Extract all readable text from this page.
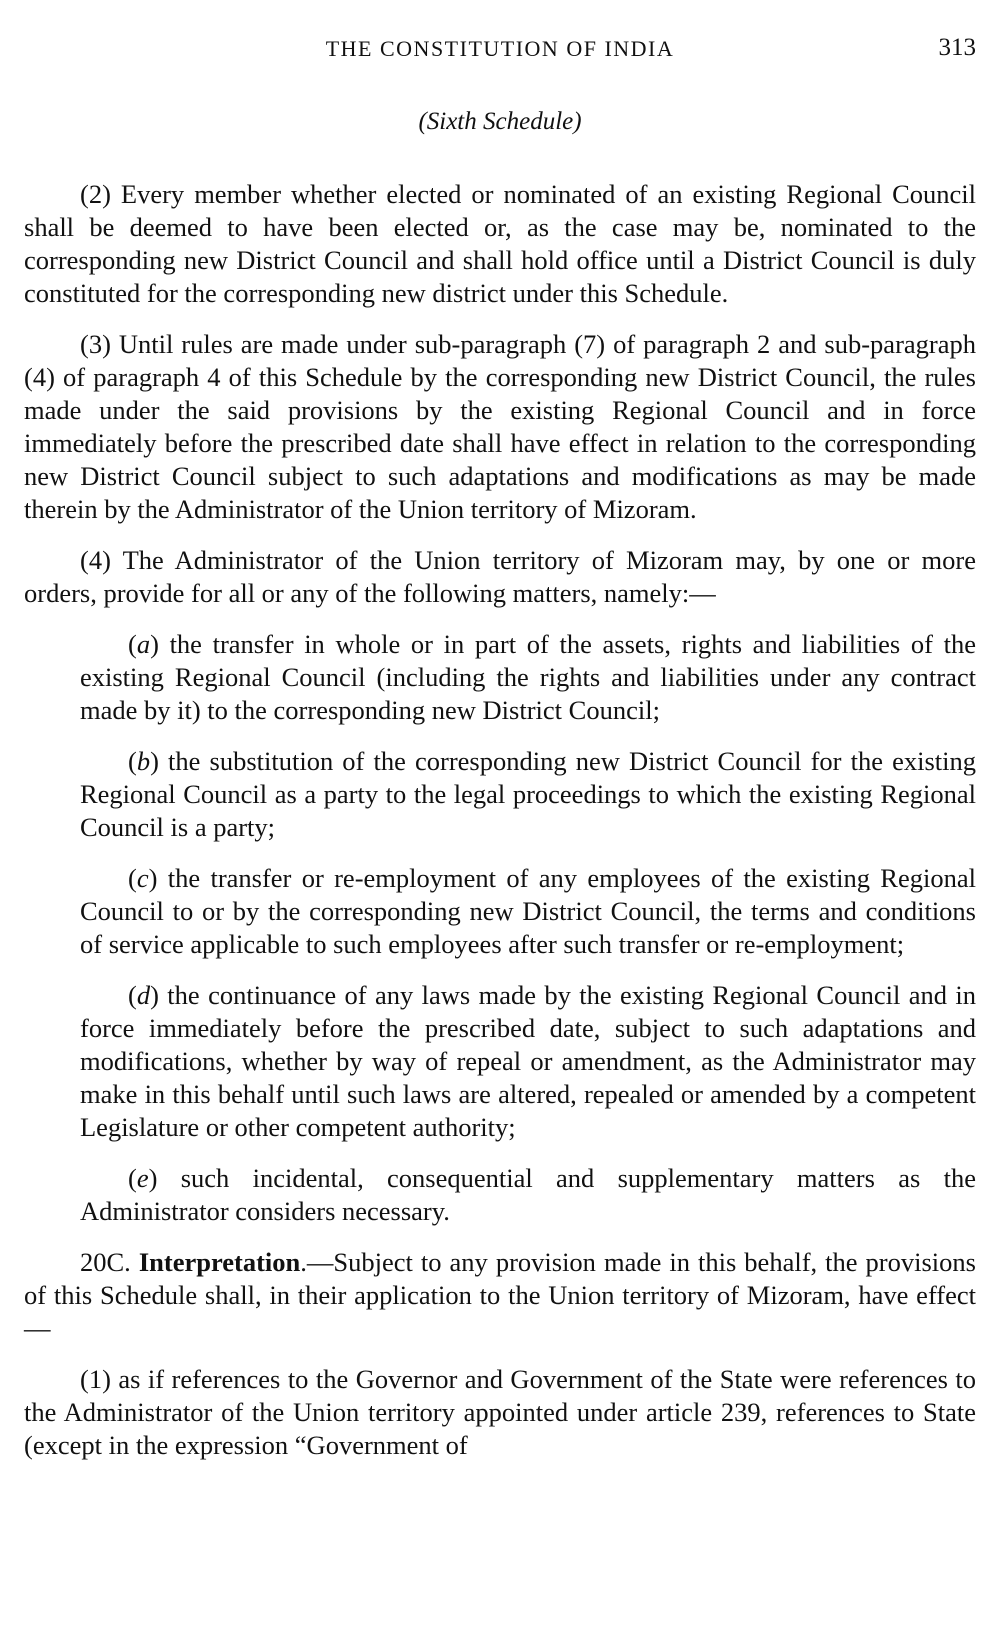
THE CONSTITUTION OF INDIA	313
(Sixth Schedule)

(2) Every member whether elected or nominated of an existing Regional Council shall be deemed to have been elected or, as the case may be, nominated to the corresponding new District Council and shall hold office until a District Council is duly constituted for the corresponding new district under this Schedule.

(3) Until rules are made under sub-paragraph (7) of paragraph 2 and sub-paragraph (4) of paragraph 4 of this Schedule by the corresponding new District Council, the rules made under the said provisions by the existing Regional Council and in force immediately before the prescribed date shall have effect in relation to the corresponding new District Council subject to such adaptations and modifications as may be made therein by the Administrator of the Union territory of Mizoram.

(4) The Administrator of the Union territory of Mizoram may, by one or more orders, provide for all or any of the following matters, namely:—

(a) the transfer in whole or in part of the assets, rights and liabilities of the existing Regional Council (including the rights and liabilities under any contract made by it) to the corresponding new District Council;

(b) the substitution of the corresponding new District Council for the existing Regional Council as a party to the legal proceedings to which the existing Regional Council is a party;

(c) the transfer or re-employment of any employees of the existing Regional Council to or by the corresponding new District Council, the terms and conditions of service applicable to such employees after such transfer or re-employment;

(d) the continuance of any laws made by the existing Regional Council and in force immediately before the prescribed date, subject to such adaptations and modifications, whether by way of repeal or amendment, as the Administrator may make in this behalf until such laws are altered, repealed or amended by a competent Legislature or other competent authority;

(e) such incidental, consequential and supplementary matters as the Administrator considers necessary.

20C. Interpretation.—Subject to any provision made in this behalf, the provisions of this Schedule shall, in their application to the Union territory of Mizoram, have effect—

(1) as if references to the Governor and Government of the State were references to the Administrator of the Union territory appointed under article 239, references to State (except in the expression “Government of
